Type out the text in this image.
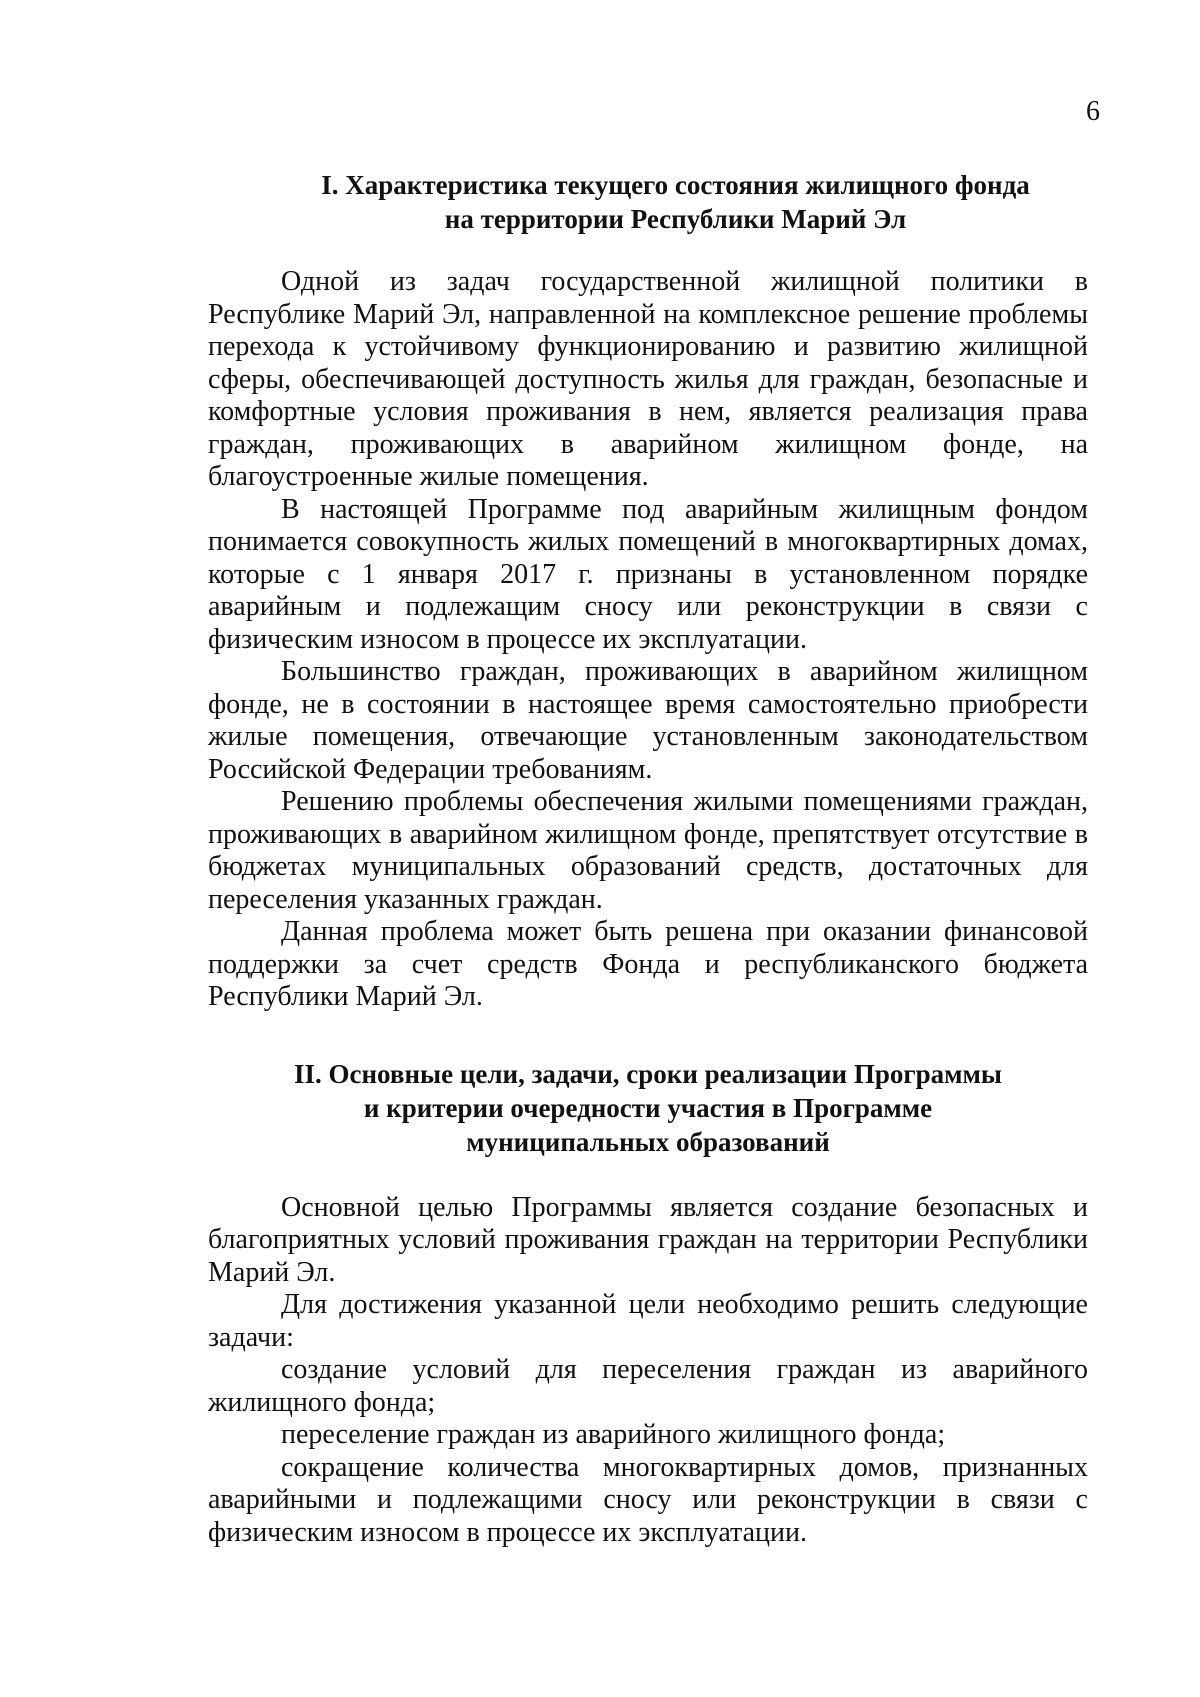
6
I. Характеристика текущего состояния жилищного фонда
на территории Республики Марий Эл

Одной из задач государственной жилищной политики в Республике Марий Эл, направленной на комплексное решение проблемы перехода к устойчивому функционированию и развитию жилищной сферы, обеспечивающей доступность жилья для граждан, безопасные и комфортные условия проживания в нем, является реализация права граждан, проживающих в аварийном жилищном фонде, на благоустроенные жилые помещения.

В настоящей Программе под аварийным жилищным фондом понимается совокупность жилых помещений в многоквартирных домах, которые с 1 января 2017 г. признаны в установленном порядке аварийным и подлежащим сносу или реконструкции в связи с физическим износом в процессе их эксплуатации.

Большинство граждан, проживающих в аварийном жилищном фонде, не в состоянии в настоящее время самостоятельно приобрести жилые помещения, отвечающие установленным законодательством Российской Федерации требованиям.

Решению проблемы обеспечения жилыми помещениями граждан, проживающих в аварийном жилищном фонде, препятствует отсутствие в бюджетах муниципальных образований средств, достаточных для переселения указанных граждан.

Данная проблема может быть решена при оказании финансовой поддержки за счет средств Фонда и республиканского бюджета Республики Марий Эл.

II. Основные цели, задачи, сроки реализации Программы
и критерии очередности участия в Программе
муниципальных образований

Основной целью Программы является создание безопасных и благоприятных условий проживания граждан на территории Республики Марий Эл.

Для достижения указанной цели необходимо решить следующие задачи:

создание условий для переселения граждан из аварийного жилищного фонда;

переселение граждан из аварийного жилищного фонда;

сокращение количества многоквартирных домов, признанных аварийными и подлежащими сносу или реконструкции в связи с физическим износом в процессе их эксплуатации.
